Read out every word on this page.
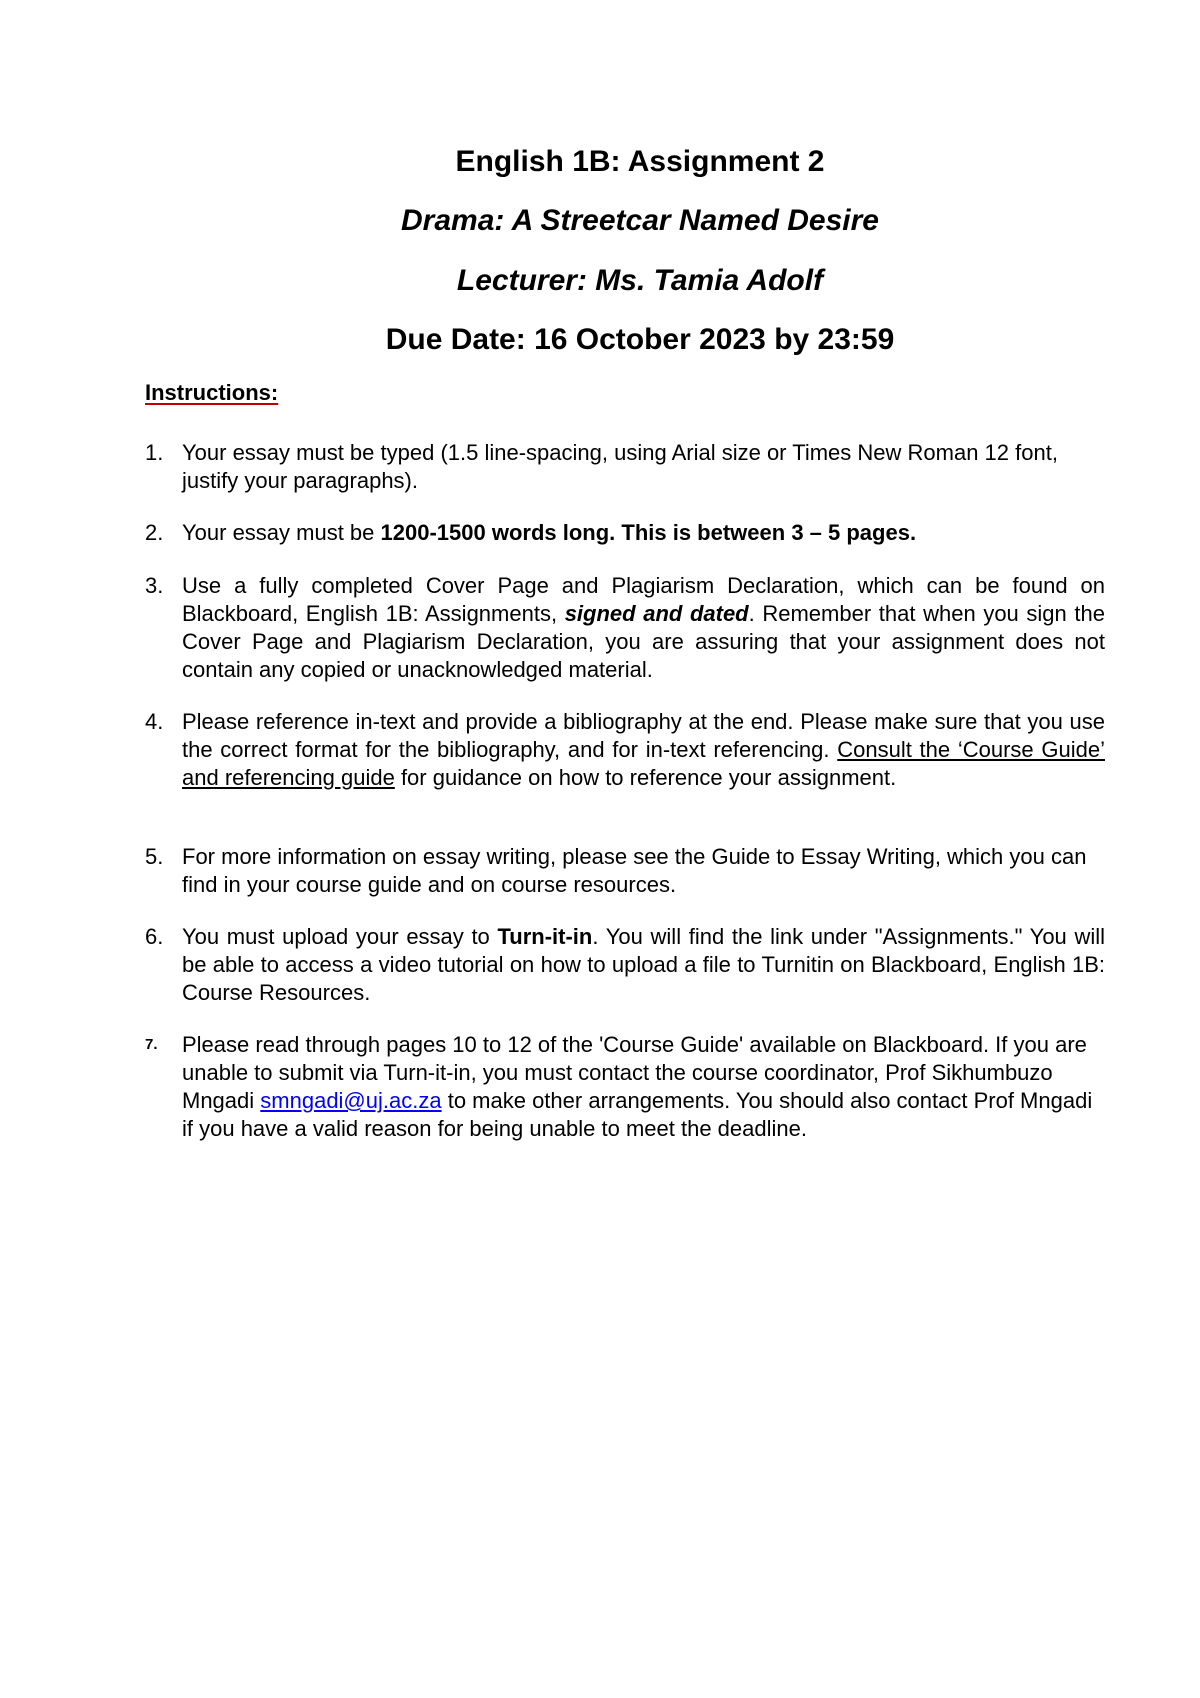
English 1B: Assignment 2
Drama: A Streetcar Named Desire
Lecturer: Ms. Tamia Adolf
Due Date: 16 October 2023 by 23:59
Instructions:
1. Your essay must be typed (1.5 line-spacing, using Arial size or Times New Roman 12 font, justify your paragraphs).
2. Your essay must be 1200-1500 words long. This is between 3 – 5 pages.
3. Use a fully completed Cover Page and Plagiarism Declaration, which can be found on Blackboard, English 1B: Assignments, signed and dated. Remember that when you sign the Cover Page and Plagiarism Declaration, you are assuring that your assignment does not contain any copied or unacknowledged material.
4. Please reference in-text and provide a bibliography at the end. Please make sure that you use the correct format for the bibliography, and for in-text referencing. Consult the ‘Course Guide’ and referencing guide for guidance on how to reference your assignment.
5. For more information on essay writing, please see the Guide to Essay Writing, which you can find in your course guide and on course resources.
6. You must upload your essay to Turn-it-in. You will find the link under "Assignments." You will be able to access a video tutorial on how to upload a file to Turnitin on Blackboard, English 1B: Course Resources.
7.	Please read through pages 10 to 12 of the 'Course Guide' available on Blackboard. If you are unable to submit via Turn-it-in, you must contact the course coordinator, Prof Sikhumbuzo Mngadi smngadi@uj.ac.za to make other arrangements. You should also contact Prof Mngadi if you have a valid reason for being unable to meet the deadline.
